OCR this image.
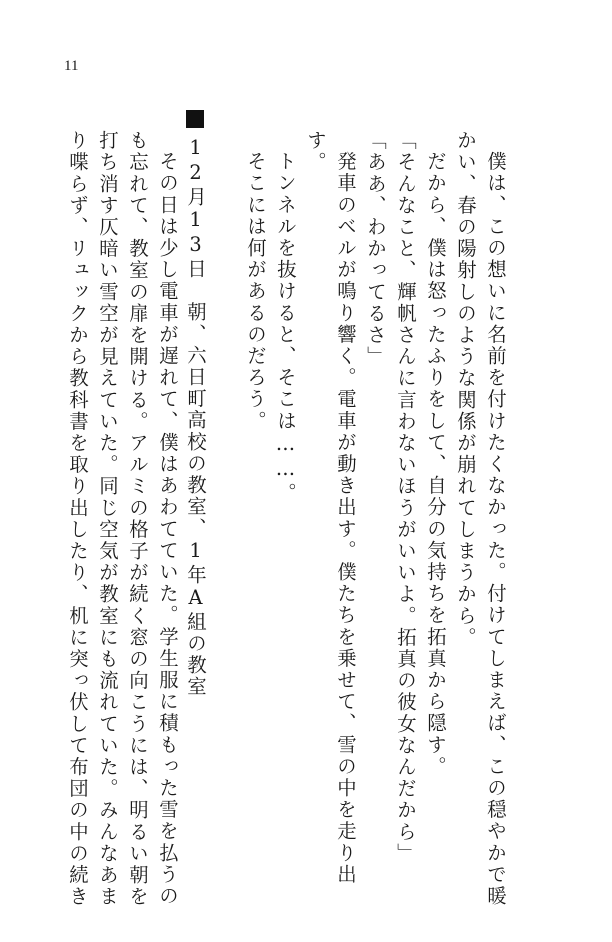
11
僕は、この想いに名前を付けたくなかった。付けてしまえば、この穏やかで暖
かい、春の陽射しのような関係が崩れてしまうから。
だから、僕は怒ったふりをして、自分の気持ちを拓真から隠す。
「そんなこと、輝帆さんに言わないほうがいいよ。拓真の彼女なんだから」
「ああ、わかってるさ」
発車のベルが鳴り響く。電車が動き出す。僕たちを乗せて、雪の中を走り出
す。
トンネルを抜けると、そこは……。
そこには何があるのだろう。
12月13日　朝、六日町高校の教室、1年A組の教室
その日は少し電車が遅れて、僕はあわてていた。学生服に積もった雪を払うの
も忘れて、教室の扉を開ける。アルミの格子が続く窓の向こうには、明るい朝を
打ち消す仄暗い雪空が見えていた。同じ空気が教室にも流れていた。みんなあま
り喋らず、リュックから教科書を取り出したり、机に突っ伏して布団の中の続き
